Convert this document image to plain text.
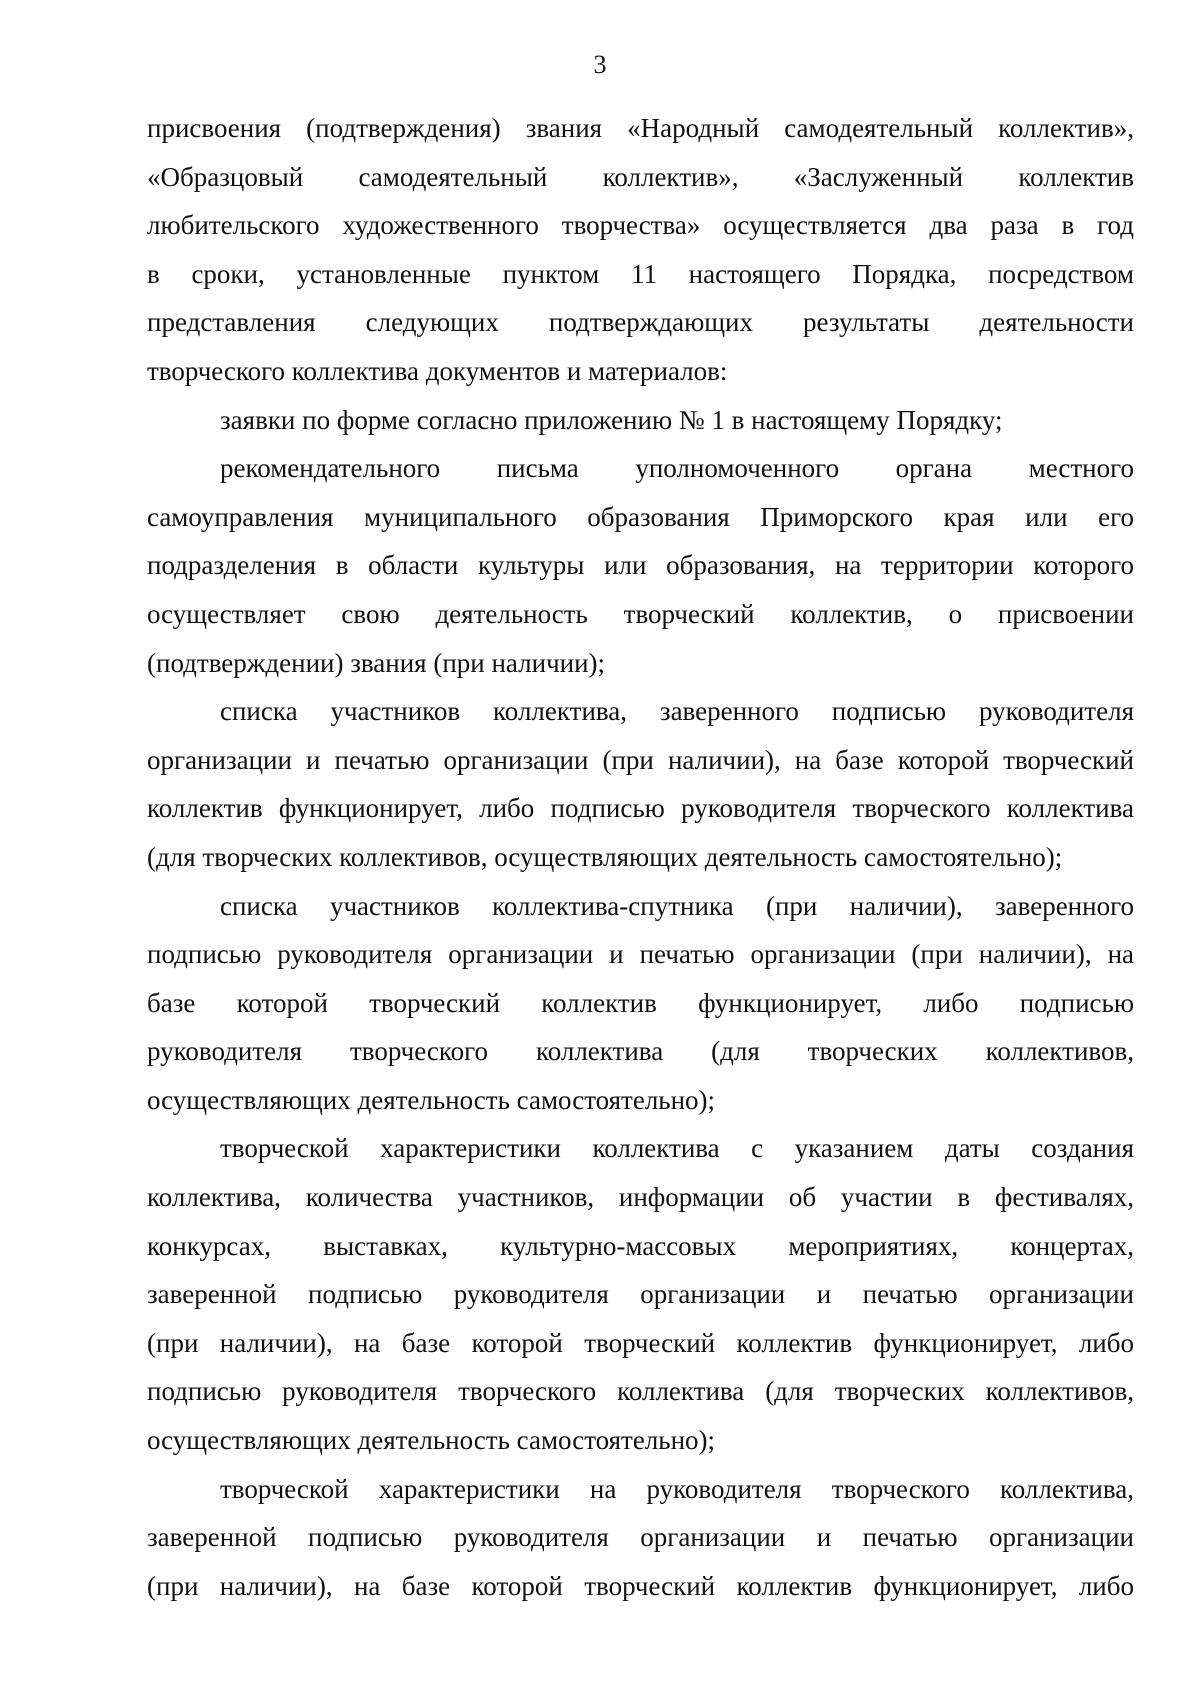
3
присвоения (подтверждения) звания «Народный самодеятельный коллектив»,
«Образцовый самодеятельный коллектив», «Заслуженный коллектив
любительского художественного творчества» осуществляется два раза в год
в сроки, установленные пунктом 11 настоящего Порядка, посредством
представления следующих подтверждающих результаты деятельности
творческого коллектива документов и материалов:
заявки по форме согласно приложению № 1 в настоящему Порядку;
рекомендательного письма уполномоченного органа местного
самоуправления муниципального образования Приморского края или его
подразделения в области культуры или образования, на территории которого
осуществляет свою деятельность творческий коллектив, о присвоении
(подтверждении) звания (при наличии);
списка участников коллектива, заверенного подписью руководителя
организации и печатью организации (при наличии), на базе которой творческий
коллектив функционирует, либо подписью руководителя творческого коллектива
(для творческих коллективов, осуществляющих деятельность самостоятельно);
списка участников коллектива-спутника (при наличии), заверенного
подписью руководителя организации и печатью организации (при наличии), на
базе которой творческий коллектив функционирует, либо подписью
руководителя творческого коллектива (для творческих коллективов,
осуществляющих деятельность самостоятельно);
творческой характеристики коллектива с указанием даты создания
коллектива, количества участников, информации об участии в фестивалях,
конкурсах, выставках, культурно-массовых мероприятиях, концертах,
заверенной подписью руководителя организации и печатью организации
(при наличии), на базе которой творческий коллектив функционирует, либо
подписью руководителя творческого коллектива (для творческих коллективов,
осуществляющих деятельность самостоятельно);
творческой характеристики на руководителя творческого коллектива,
заверенной подписью руководителя организации и печатью организации
(при наличии), на базе которой творческий коллектив функционирует, либо
